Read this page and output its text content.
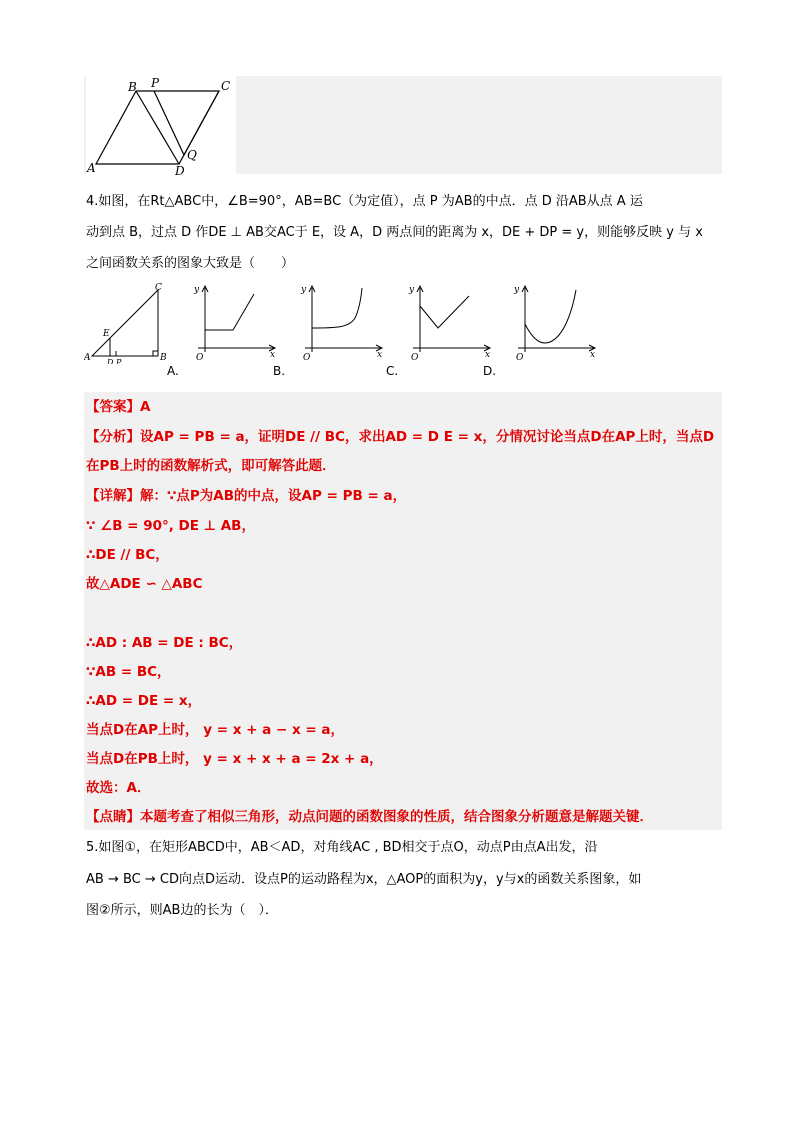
B P	C
A
Q
D
4.如图，在Rt△ABC中，∠B=90°，AB=BC（为定值），点 P 为AB的中点．点 D 沿AB从点 A 运
动到点 B，过点 D 作DE ⊥ AB交AC于 E，设 A，D 两点间的距离为 x，DE + DP = y，则能够反映 y 与 x
之间函数关系的图象大致是（　　）
C
E
A D P	B
y
x
O
A.
y
x
O
B.
y
x
O
C.
y
x
O
D.
【答案】A
【分析】设AP = PB = a，证明DE // BC，求出AD = D E = x，分情况讨论当点D在AP上时，当点D
在PB上时的函数解析式，即可解答此题．
【详解】解：∵点P为AB的中点，设AP = PB = a，
∵ ∠B = 90°, DE ⊥ AB，
∴DE // BC，
故△ADE ∽ △ABC
∴AD : AB = DE : BC，
∵AB = BC，
∴AD = DE = x，
当点D在AP上时， y = x + a − x = a，
当点D在PB上时， y = x + x + a = 2x + a，
故选：A．
【点睛】本题考查了相似三角形，动点问题的函数图象的性质，结合图象分析题意是解题关键．
5.如图①，在矩形ABCD中，AB＜AD，对角线AC , BD相交于点O，动点P由点A出发，沿
AB → BC → CD向点D运动．设点P的运动路程为x，△AOP的面积为y，y与x的函数关系图象，如
图②所示，则AB边的长为（　）．
